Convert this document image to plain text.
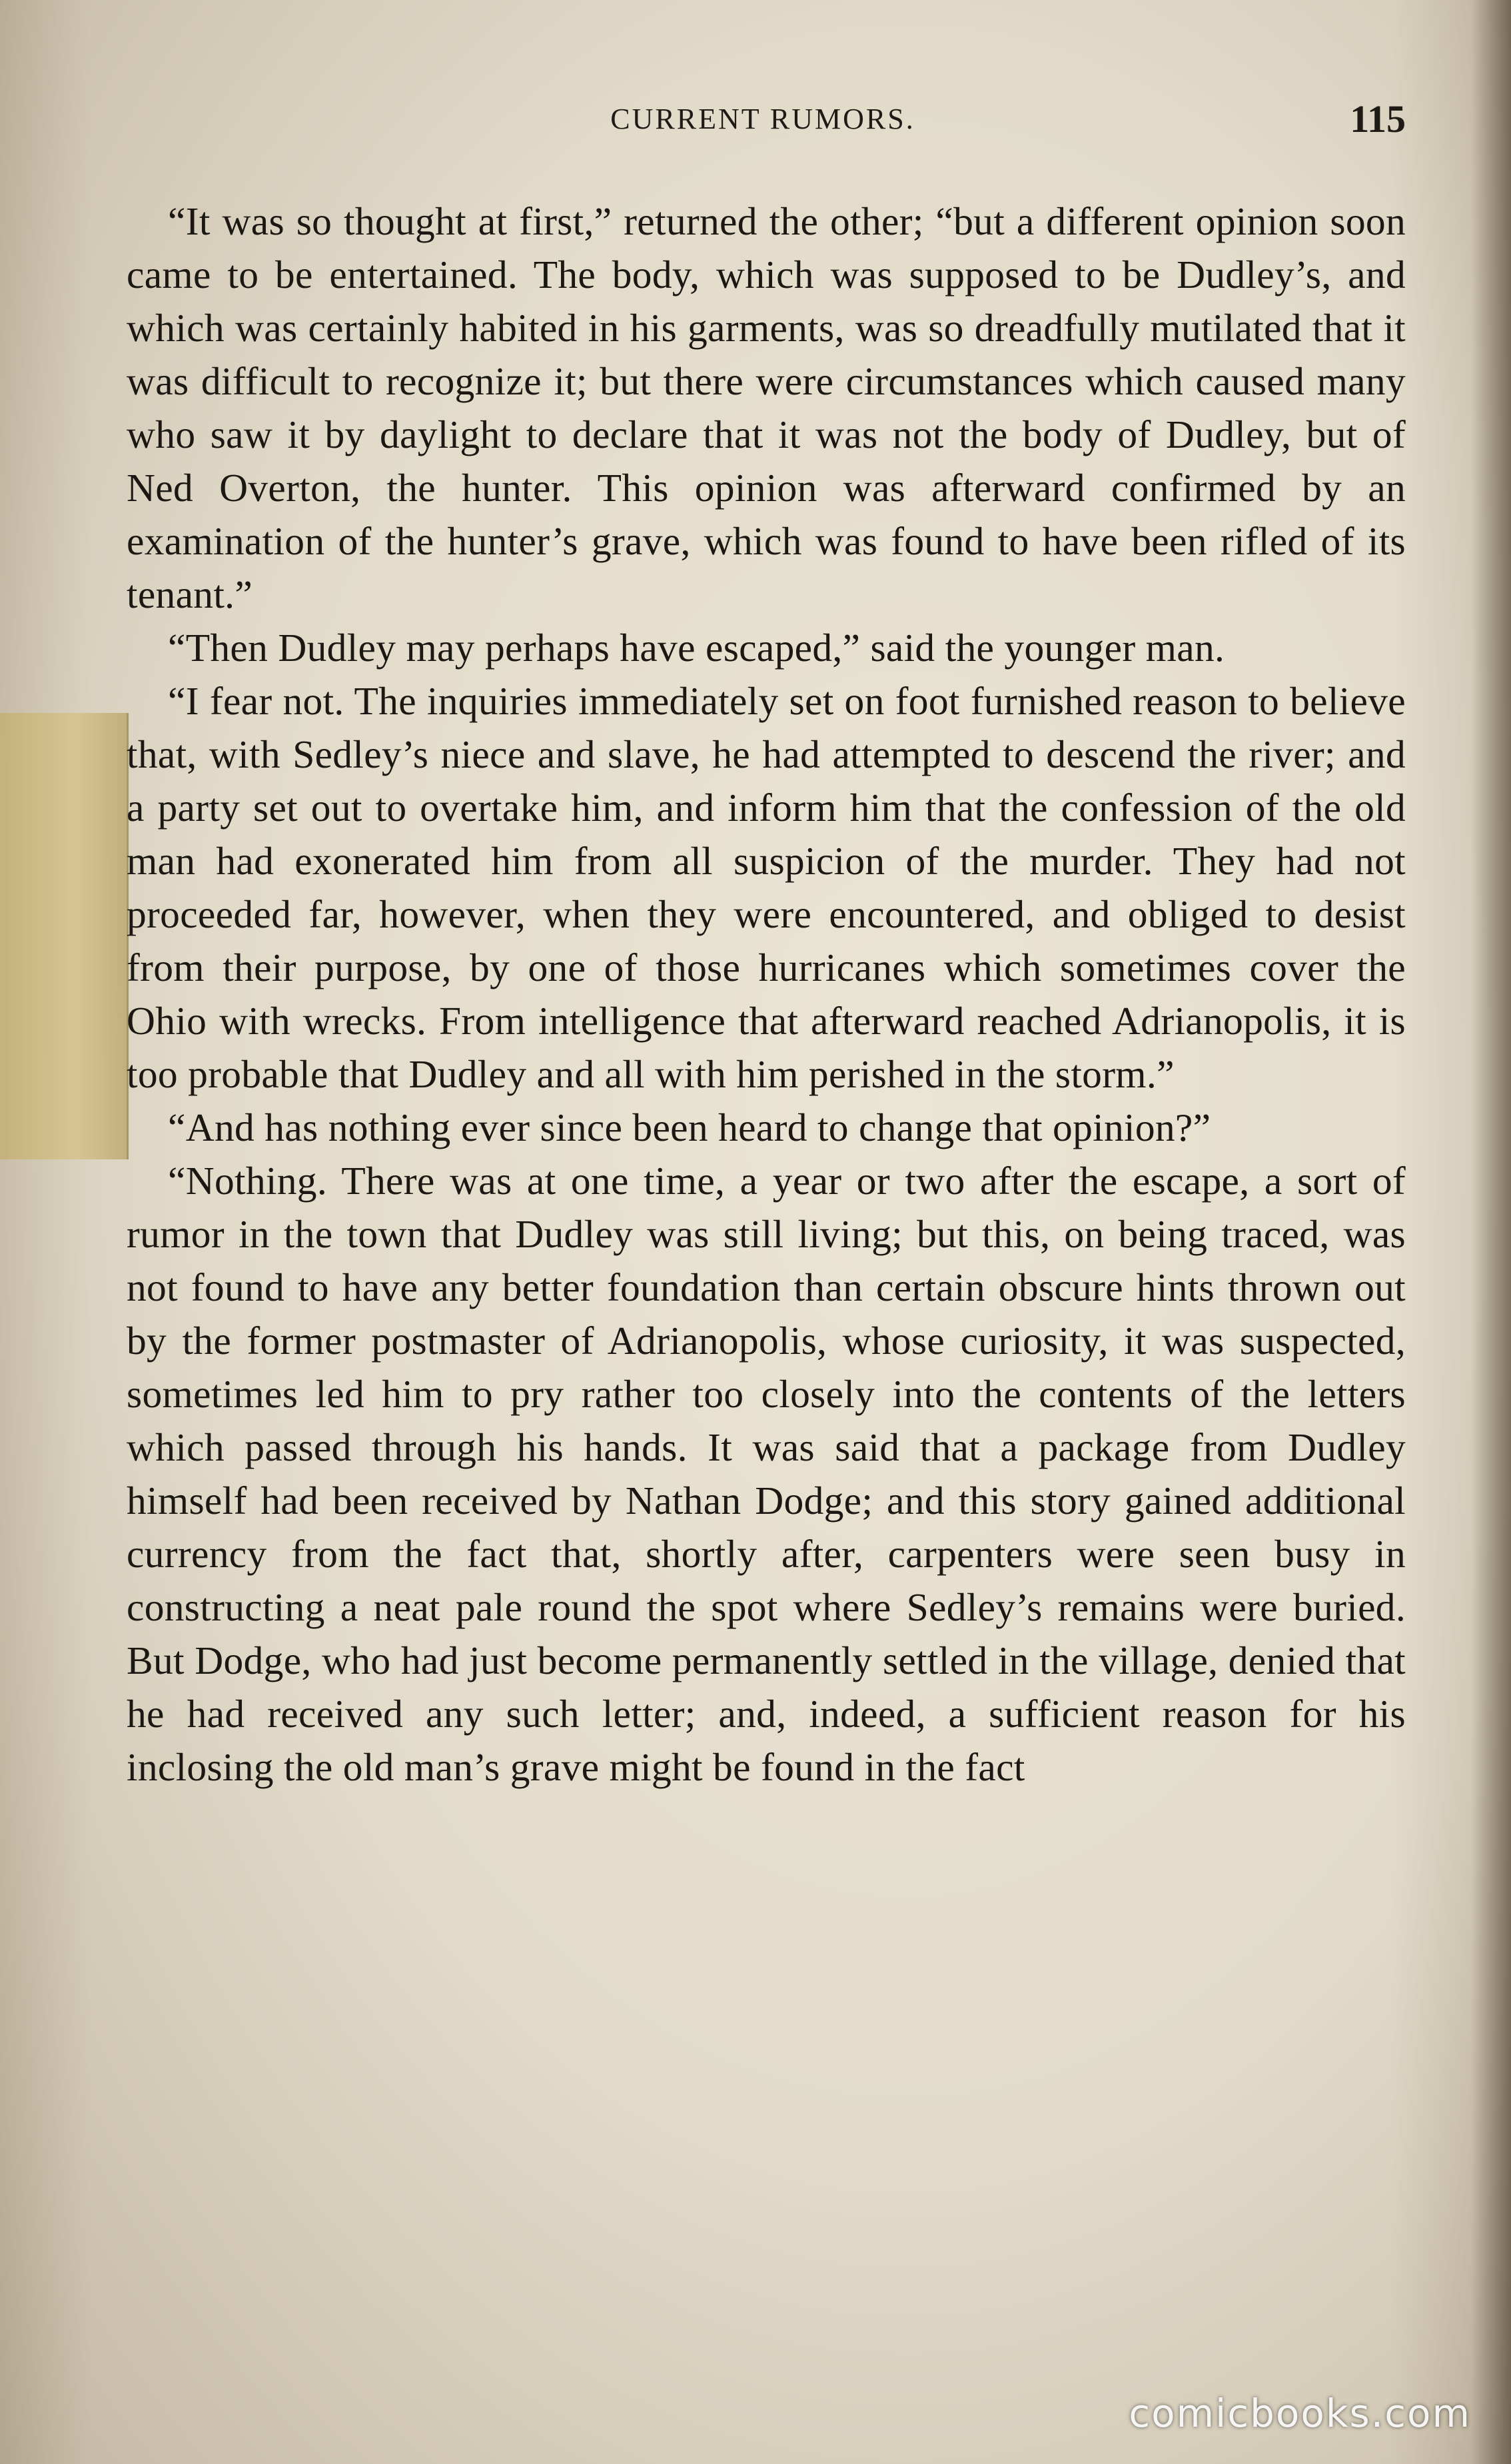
CURRENT RUMORS.	115

“It was so thought at first,” returned the other; “but a different opinion soon came to be entertained. The body, which was supposed to be Dudley’s, and which was certainly habited in his garments, was so dreadfully mutilated that it was difficult to recognize it; but there were circumstances which caused many who saw it by daylight to declare that it was not the body of Dudley, but of Ned Overton, the hunter. This opinion was afterward confirmed by an examination of the hunter’s grave, which was found to have been rifled of its tenant.”

“Then Dudley may perhaps have escaped,” said the younger man.

“I fear not. The inquiries immediately set on foot furnished reason to believe that, with Sedley’s niece and slave, he had attempted to descend the river; and a party set out to overtake him, and inform him that the confession of the old man had exonerated him from all suspicion of the murder. They had not proceeded far, however, when they were encountered, and obliged to desist from their purpose, by one of those hurricanes which sometimes cover the Ohio with wrecks. From intelligence that afterward reached Adrianopolis, it is too probable that Dudley and all with him perished in the storm.”

“And has nothing ever since been heard to change that opinion?”

“Nothing. There was at one time, a year or two after the escape, a sort of rumor in the town that Dudley was still living; but this, on being traced, was not found to have any better foundation than certain obscure hints thrown out by the former postmaster of Adrianopolis, whose curiosity, it was suspected, sometimes led him to pry rather too closely into the contents of the letters which passed through his hands. It was said that a package from Dudley himself had been received by Nathan Dodge; and this story gained additional currency from the fact that, shortly after, carpenters were seen busy in constructing a neat pale round the spot where Sedley’s remains were buried. But Dodge, who had just become permanently settled in the village, denied that he had received any such letter; and, indeed, a sufficient reason for his inclosing the old man’s grave might be found in the fact

comicbooks.com
